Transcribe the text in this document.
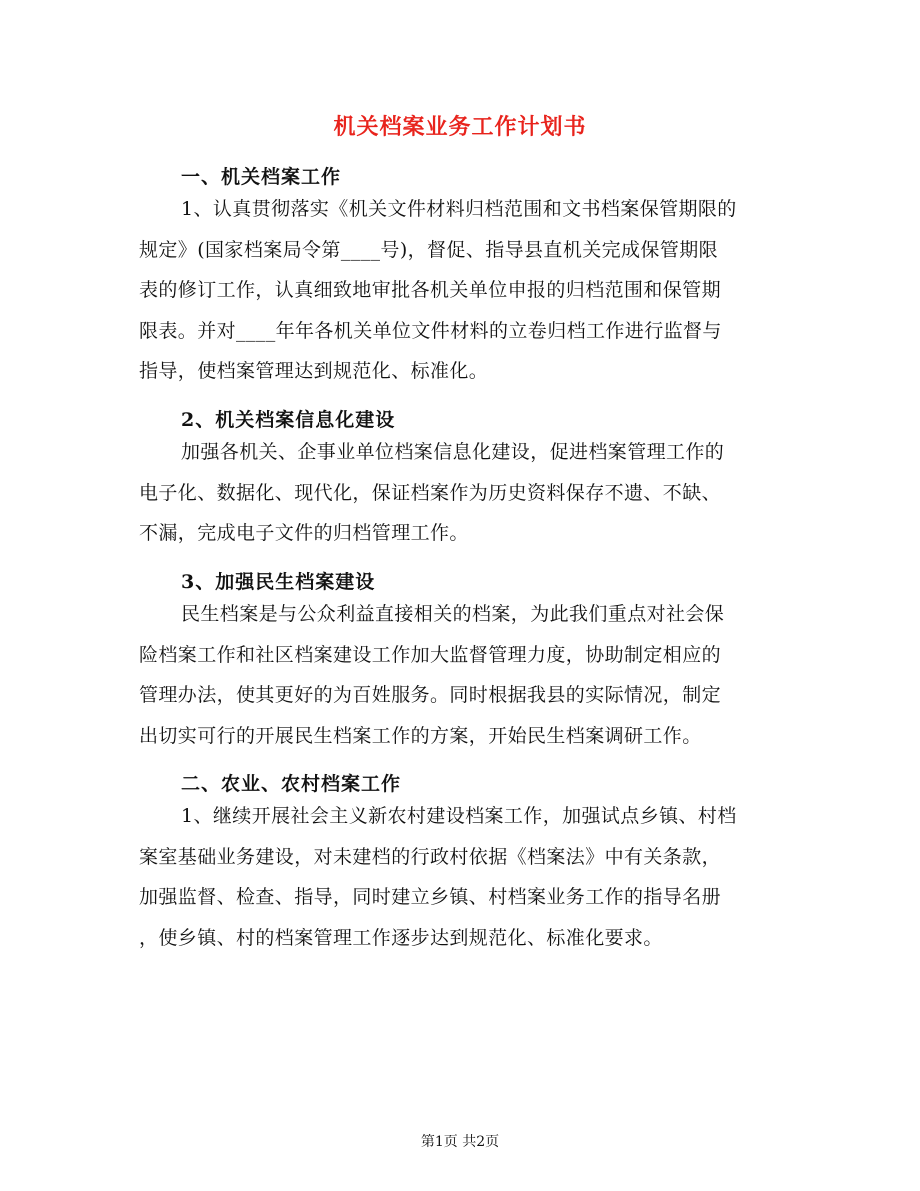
机关档案业务工作计划书
一、机关档案工作
1、认真贯彻落实《机关文件材料归档范围和文书档案保管期限的
规定》(国家档案局令第____号)，督促、指导县直机关完成保管期限
表的修订工作，认真细致地审批各机关单位申报的归档范围和保管期
限表。并对____年年各机关单位文件材料的立卷归档工作进行监督与
指导，使档案管理达到规范化、标准化。
2、机关档案信息化建设
加强各机关、企事业单位档案信息化建设，促进档案管理工作的
电子化、数据化、现代化，保证档案作为历史资料保存不遗、不缺、
不漏，完成电子文件的归档管理工作。
3、加强民生档案建设
民生档案是与公众利益直接相关的档案，为此我们重点对社会保
险档案工作和社区档案建设工作加大监督管理力度，协助制定相应的
管理办法，使其更好的为百姓服务。同时根据我县的实际情况，制定
出切实可行的开展民生档案工作的方案，开始民生档案调研工作。
二、农业、农村档案工作
1、继续开展社会主义新农村建设档案工作，加强试点乡镇、村档
案室基础业务建设，对未建档的行政村依据《档案法》中有关条款，
加强监督、检查、指导，同时建立乡镇、村档案业务工作的指导名册
，使乡镇、村的档案管理工作逐步达到规范化、标准化要求。
第1页 共2页
